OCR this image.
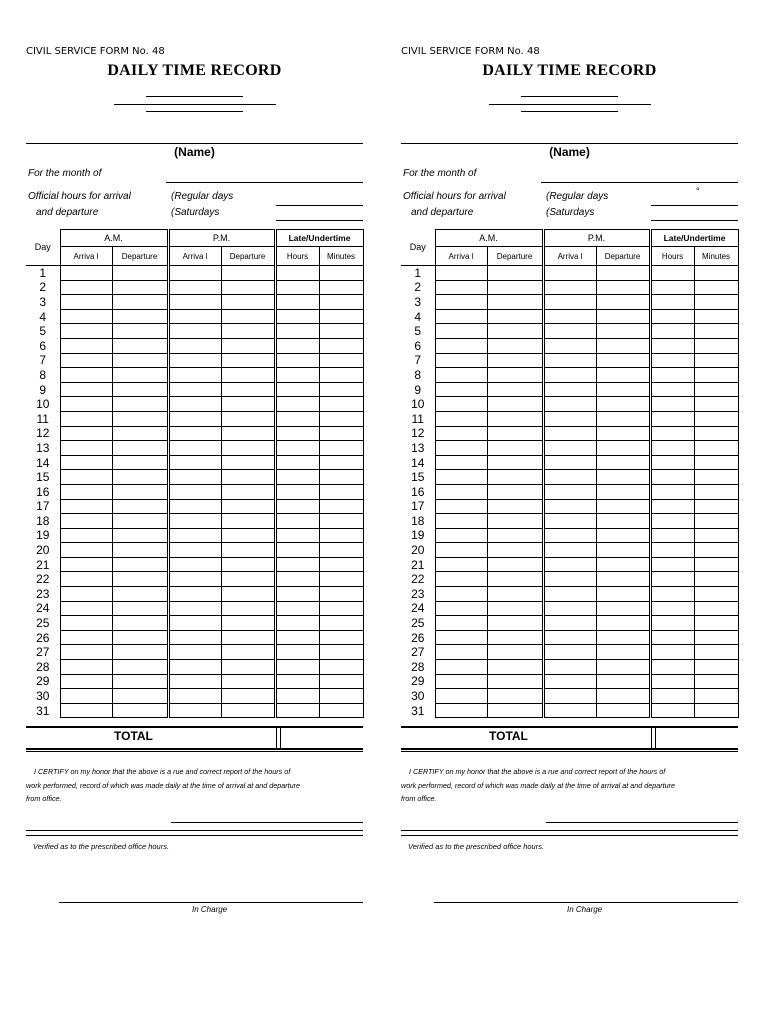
CIVIL SERVICE FORM No. 48
DAILY TIME RECORD
(Name)
For the month of
Official hours for arrival
and departure
(Regular days
(Saturdays
Day	A.M.		P.M.		Late/Undertime	
	Arriva l	Departure	Arriva l	Departure	Hours	Minutes
1						
2						
3						
4						
5						
6						
7						
8						
9						
10						
11						
12						
13						
14						
15						
16						
17						
18						
19						
20						
21						
22						
23						
24						
25						
26						
27						
28						
29						
30						
31						
TOTAL
I CERTIFY on my honor that the above is a rue and correct report of the hours of
work performed, record of which was made daily at the time of arrival at and departure
from office.
Verified as to the prescribed office hours.
In Charge
CIVIL SERVICE FORM No. 48
DAILY TIME RECORD
(Name)
For the month of
Official hours for arrival
and departure
(Regular days
(Saturdays
°
Day	A.M.		P.M.		Late/Undertime	
	Arriva l	Departure	Arriva l	Departure	Hours	Minutes
1						
2						
3						
4						
5						
6						
7						
8						
9						
10						
11						
12						
13						
14						
15						
16						
17						
18						
19						
20						
21						
22						
23						
24						
25						
26						
27						
28						
29						
30						
31						
TOTAL
I CERTIFY on my honor that the above is a rue and correct report of the hours of
work performed, record of which was made daily at the time of arrival at and departure
from office.
Verified as to the prescribed office hours.
In Charge
